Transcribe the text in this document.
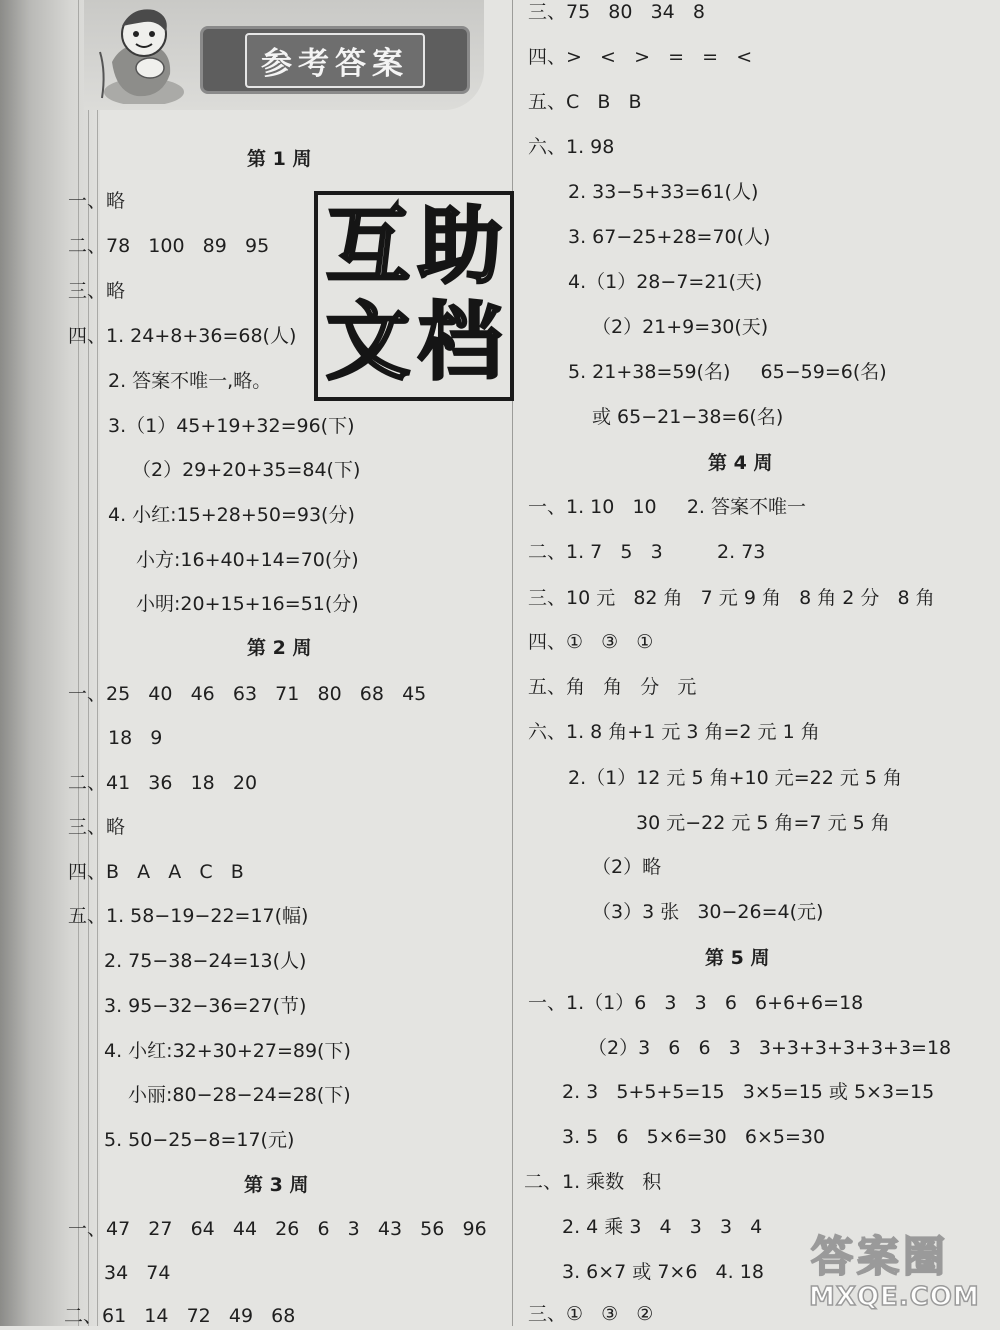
参考答案
第 1 周
一、略
二、78   100   89   95
三、略
四、1. 24+8+36=68(人)
2. 答案不唯一,略。
3.（1）45+19+32=96(下)
（2）29+20+35=84(下)
4. 小红:15+28+50=93(分)
小方:16+40+14=70(分)
小明:20+15+16=51(分)
第 2 周
一、25   40   46   63   71   80   68   45
18   9
二、41   36   18   20
三、略
四、B   A   A   C   B
五、1. 58−19−22=17(幅)
2. 75−38−24=13(人)
3. 95−32−36=27(节)
4. 小红:32+30+27=89(下)
小丽:80−28−24=28(下)
5. 50−25−8=17(元)
第 3 周
一、47   27   64   44   26   6   3   43   56   96
34   74
二、61   14   72   49   68
互 助
文 档
三、75   80   34   8
四、>   <   >   =   =   <
五、C   B   B
六、1. 98
2. 33−5+33=61(人)
3. 67−25+28=70(人)
4.（1）28−7=21(天)
（2）21+9=30(天)
5. 21+38=59(名)     65−59=6(名)
或 65−21−38=6(名)
第 4 周
一、1. 10   10     2. 答案不唯一
二、1. 7   5   3         2. 73
三、10 元   82 角   7 元 9 角   8 角 2 分   8 角
四、①   ③   ①
五、角   角   分   元
六、1. 8 角+1 元 3 角=2 元 1 角
2.（1）12 元 5 角+10 元=22 元 5 角
30 元−22 元 5 角=7 元 5 角
（2）略
（3）3 张   30−26=4(元)
第 5 周
一、1.（1）6   3   3   6   6+6+6=18
（2）3   6   6   3   3+3+3+3+3+3=18
2. 3   5+5+5=15   3×5=15 或 5×3=15
3. 5   6   5×6=30   6×5=30
二、1. 乘数   积
2. 4 乘 3   4   3   3   4
3. 6×7 或 7×6   4. 18
三、①   ③   ②
答案圈
MXQE.COM
